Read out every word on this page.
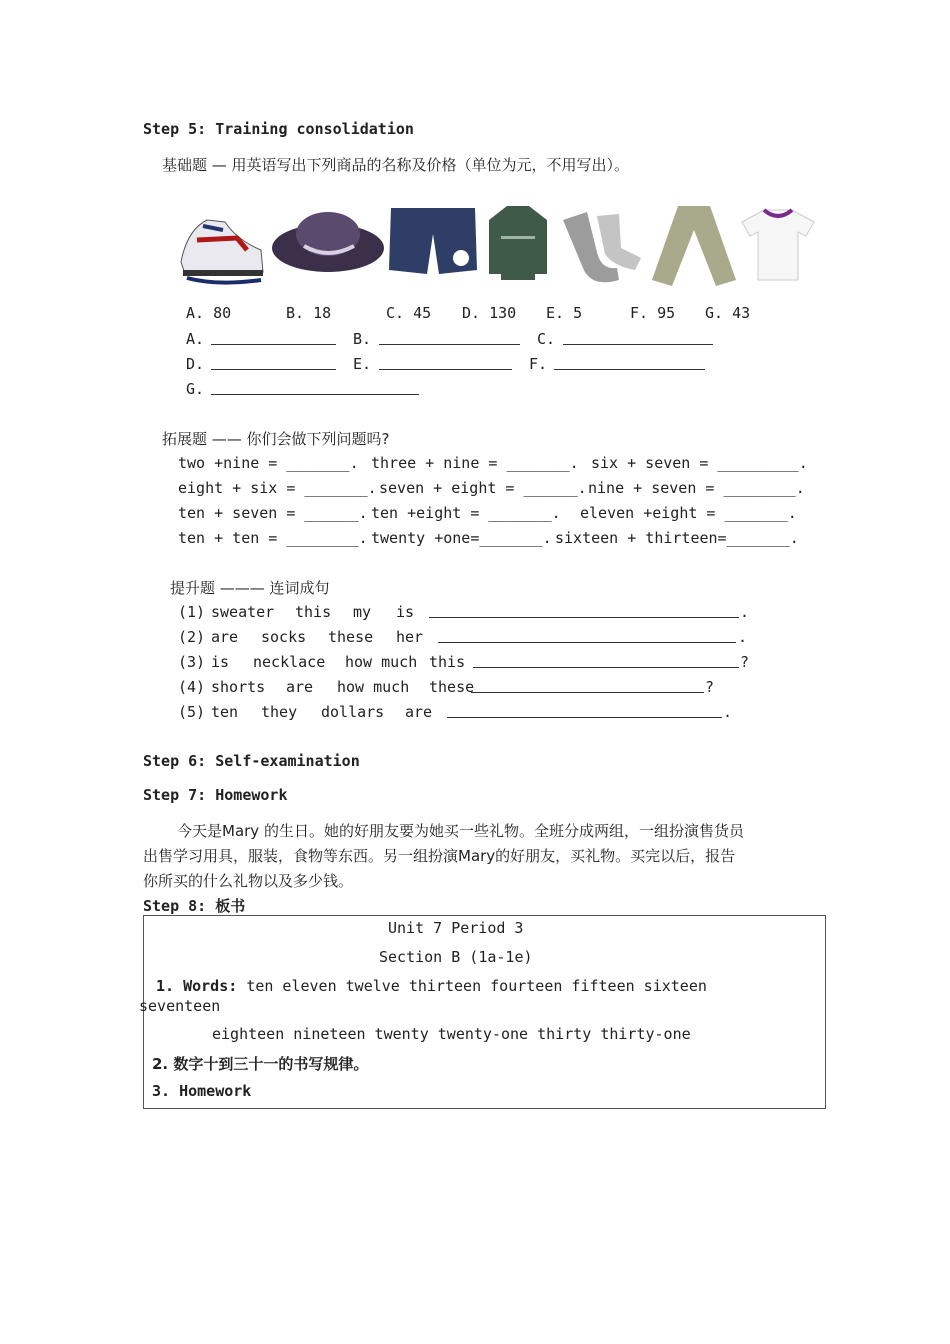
Step 5: Training consolidation
基础题 — 用英语写出下列商品的名称及价格（单位为元，不用写出）。
A. 80	B. 18	C. 45 D. 130 E. 5	F. 95 G. 43
A.	B.	C.
D.	E.	F.
G.
拓展题 —— 你们会做下列问题吗?
two +nine = _______. three + nine = _______. six + seven = _________.
eight + six = _______. seven + eight = ______. nine + seven = ________.
ten + seven = ______. ten +eight = _______. eleven +eight = _______.
ten + ten = ________. twenty +one=_______. sixteen + thirteen=_______.
提升题 ——— 连词成句
(1) sweater this my is	.
(2) are socks these her	.
(3) is necklace how much this	?
(4) shorts are how much these	?
(5) ten they dollars are	.
Step 6: Self-examination
Step 7: Homework
今天是Mary 的生日。她的好朋友要为她买一些礼物。全班分成两组，一组扮演售货员
出售学习用具，服装，食物等东西。另一组扮演Mary的好朋友，买礼物。买完以后，报告
你所买的什么礼物以及多少钱。
Step 8: 板书
Unit 7 Period 3
Section B (1a-1e)
1. Words: ten eleven twelve thirteen fourteen fifteen sixteen
seventeen
eighteen nineteen twenty twenty-one thirty thirty-one
2. 数字十到三十一的书写规律。
3. Homework
